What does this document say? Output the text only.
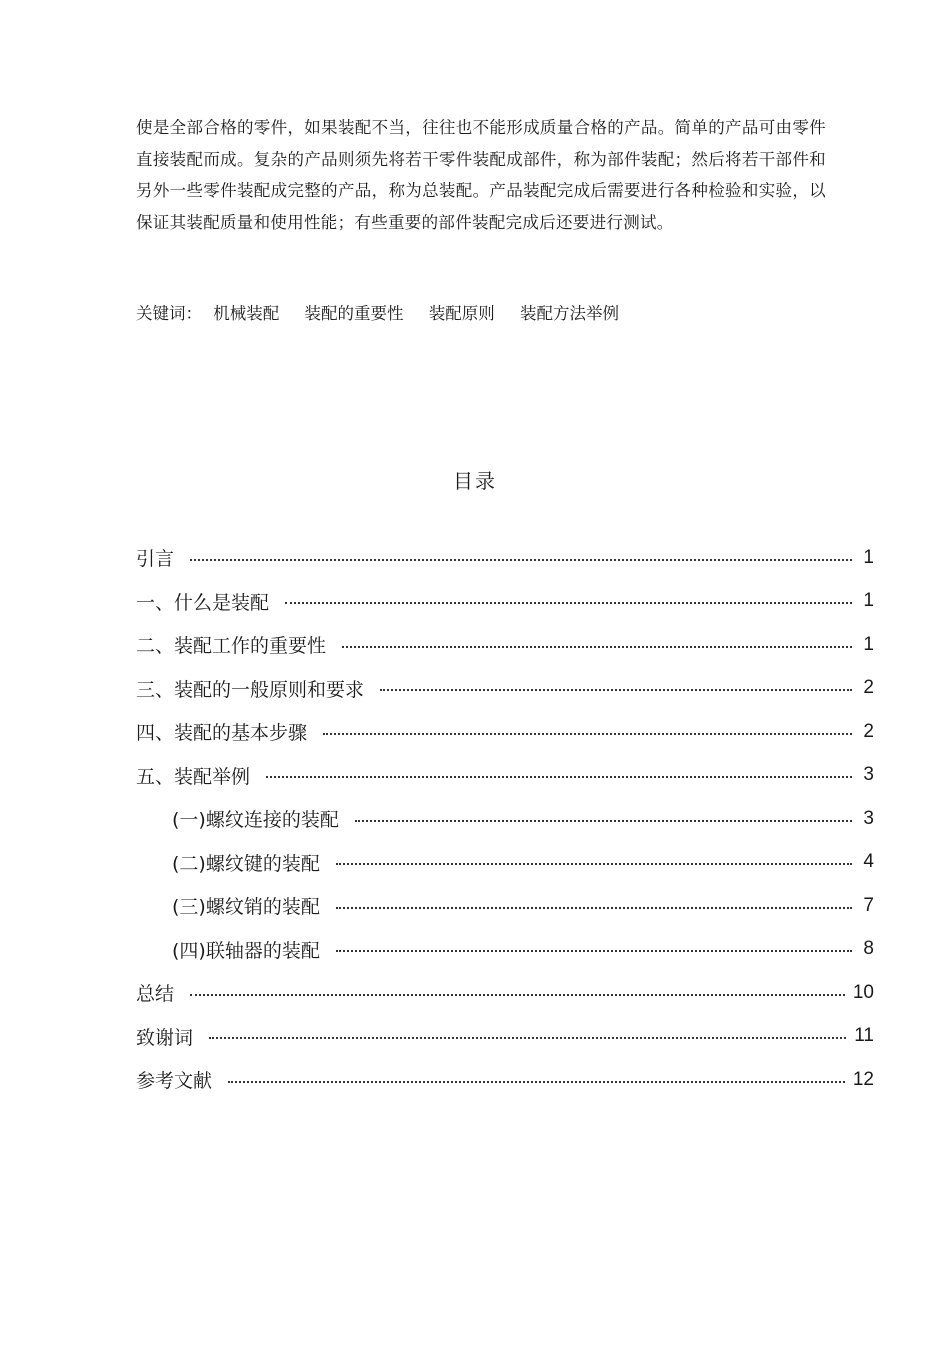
使是全部合格的零件，如果装配不当，往往也不能形成质量合格的产品。简单的产品可由零件直接装配而成。复杂的产品则须先将若干零件装配成部件，称为部件装配；然后将若干部件和另外一些零件装配成完整的产品，称为总装配。产品装配完成后需要进行各种检验和实验，以保证其装配质量和使用性能；有些重要的部件装配完成后还要进行测试。

关键词： 机械装配 装配的重要性 装配原则 装配方法举例
目录
引言	1
一、什么是装配	1
二、装配工作的重要性	1
三、装配的一般原则和要求	2
四、装配的基本步骤	2
五、装配举例	3
(一)螺纹连接的装配	3
(二)螺纹键的装配	4
(三)螺纹销的装配	7
(四)联轴器的装配	8
总结	10
致谢词	11
参考文献	12
